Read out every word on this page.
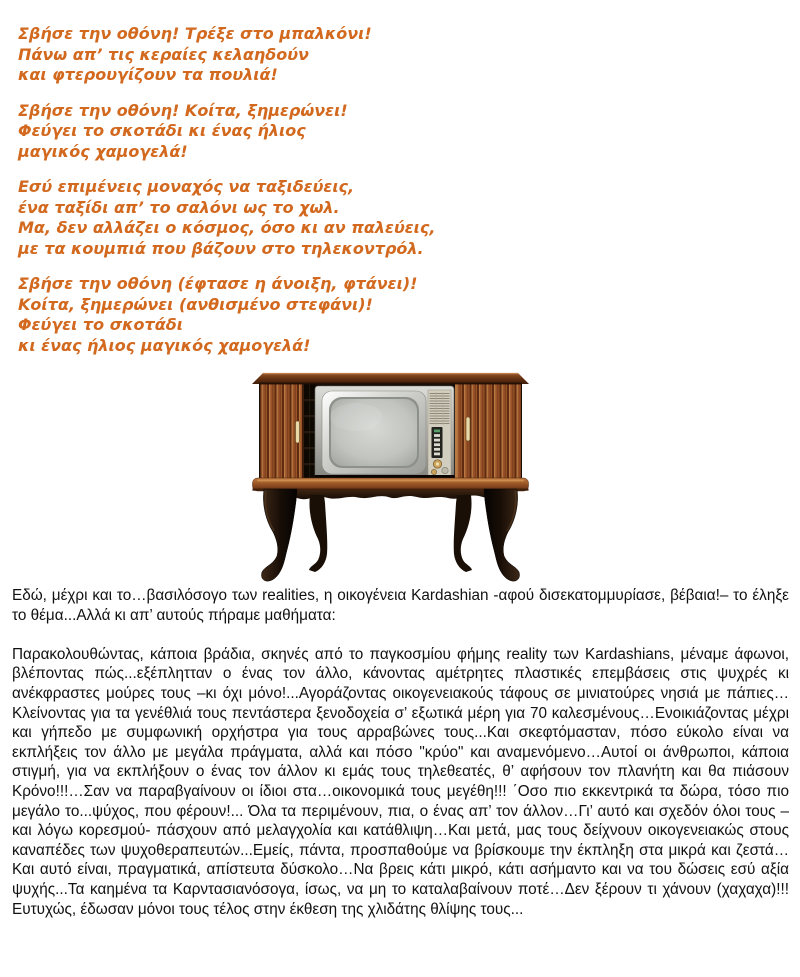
Σβήσε την οθόνη! Τρέξε στο μπαλκόνι!
Πάνω απ’ τις κεραίες κελαηδούν
και φτερουγίζουν τα πουλιά!

Σβήσε την οθόνη! Κοίτα, ξημερώνει!
Φεύγει το σκοτάδι κι ένας ήλιος
μαγικός χαμογελά!

Εσύ επιμένεις μοναχός να ταξιδεύεις,
ένα ταξίδι απ’ το σαλόνι ως το χωλ.
Μα, δεν αλλάζει ο κόσμος, όσο κι αν παλεύεις,
με τα κουμπιά που βάζουν στο τηλεκοντρόλ.

Σβήσε την οθόνη (έφτασε η άνοιξη, φτάνει)!
Κοίτα, ξημερώνει (ανθισμένο στεφάνι)!
Φεύγει το σκοτάδι
κι ένας ήλιος μαγικός χαμογελά!

Εδώ, μέχρι και το…βασιλόσογο των realities, η οικογένεια Kardashian -αφού δισεκατομμυρίασε, βέβαια!– το έληξε το θέμα...Αλλά κι απ’ αυτούς πήραμε μαθήματα:

Παρακολουθώντας, κάποια βράδια, σκηνές από το παγκοσμίου φήμης reality των Kardashians, μέναμε άφωνοι, βλέποντας πώς...εξέπλητταν ο ένας τον άλλο, κάνοντας αμέτρητες πλαστικές επεμβάσεις στις ψυχρές κι ανέκφραστες μούρες τους –κι όχι μόνο!...Αγοράζοντας οικογενειακούς τάφους σε μινιατούρες νησιά με πάπιες…Κλείνοντας για τα γενέθλιά τους πεντάστερα ξενοδοχεία σ’ εξωτικά μέρη για 70 καλεσμένους…Ενοικιάζοντας μέχρι και γήπεδο με συμφωνική ορχήστρα για τους αρραβώνες τους...Και σκεφτόμασταν, πόσο εύκολο είναι να εκπλήξεις τον άλλο με μεγάλα πράγματα, αλλά και πόσο "κρύο" και αναμενόμενο…Αυτοί οι άνθρωποι, κάποια στιγμή, για να εκπλήξουν ο ένας τον άλλον κι εμάς τους τηλεθεατές, θ’ αφήσουν τον πλανήτη και θα πιάσουν Κρόνο!!!…Σαν να παραβγαίνουν οι ίδιοι στα…οικονομικά τους μεγέθη!!! ΄Οσο πιο εκκεντρικά τα δώρα, τόσο πιο μεγάλο το...ψύχος, που φέρουν!... Όλα τα περιμένουν, πια, ο ένας απ’ τον άλλον…Γι’ αυτό και σχεδόν όλοι τους –και λόγω κορεσμού- πάσχουν από μελαγχολία και κατάθλιψη…Και μετά, μας τους δείχνουν οικογενειακώς στους καναπέδες των ψυχοθεραπευτών...Εμείς, πάντα, προσπαθούμε να βρίσκουμε την έκπληξη στα μικρά και ζεστά…Και αυτό είναι, πραγματικά, απίστευτα δύσκολο…Να βρεις κάτι μικρό, κάτι ασήμαντο και να του δώσεις εσύ αξία ψυχής...Τα καημένα τα Καρντασιανόσογα, ίσως, να μη το καταλαβαίνουν ποτέ…Δεν ξέρουν τι χάνουν (χαχαχα)!!! Ευτυχώς, έδωσαν μόνοι τους τέλος στην έκθεση της χλιδάτης θλίψης τους...
